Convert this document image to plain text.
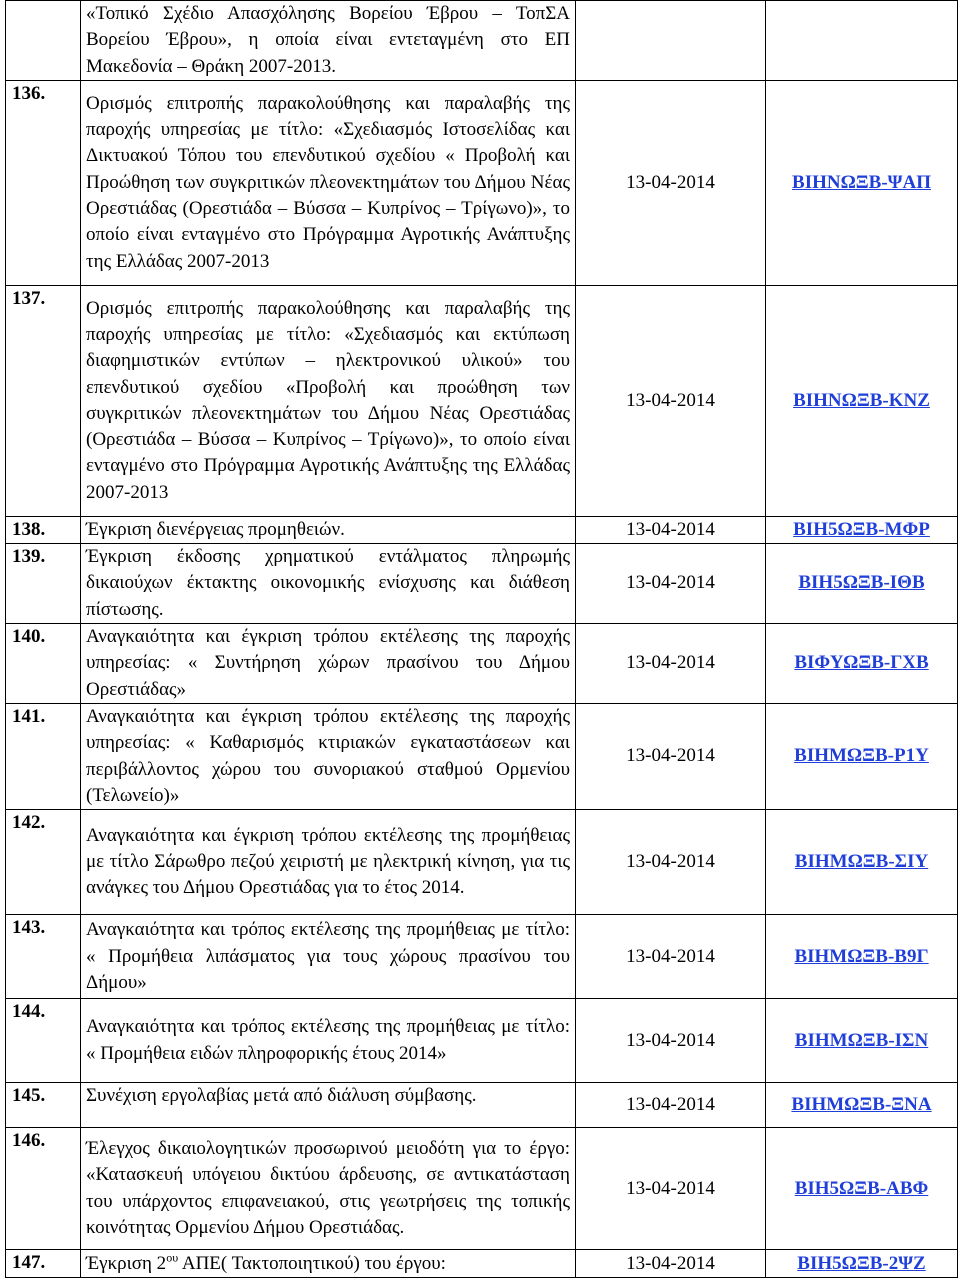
	«Τοπικό Σχέδιο Απασχόλησης Βορείου Έβρου – ΤοπΣΑ Βορείου Έβρου», η οποία είναι εντεταγμένη στο ΕΠ Μακεδονία – Θράκη 2007-2013.		

136.	Ορισμός επιτροπής παρακολούθησης και παραλαβής της παροχής υπηρεσίας με τίτλο: «Σχεδιασμός Ιστοσελίδας και Δικτυακού Τόπου του επενδυτικού σχεδίου « Προβολή και Προώθηση των συγκριτικών πλεονεκτημάτων του Δήμου Νέας Ορεστιάδας (Ορεστιάδα – Βύσσα – Κυπρίνος – Τρίγωνο)», το οποίο είναι ενταγμένο στο Πρόγραμμα Αγροτικής Ανάπτυξης της Ελλάδας 2007-2013	13-04-2014	ΒΙΗΝΩΞΒ-ΨΑΠ
137.	Ορισμός επιτροπής παρακολούθησης και παραλαβής της παροχής υπηρεσίας με τίτλο: «Σχεδιασμός και εκτύπωση διαφημιστικών εντύπων – ηλεκτρονικού υλικού» του επενδυτικού σχεδίου «Προβολή και προώθηση των συγκριτικών πλεονεκτημάτων του Δήμου Νέας Ορεστιάδας (Ορεστιάδα – Βύσσα – Κυπρίνος – Τρίγωνο)», το οποίο είναι ενταγμένο στο Πρόγραμμα Αγροτικής Ανάπτυξης της Ελλάδας 2007-2013	13-04-2014	ΒΙΗΝΩΞΒ-ΚΝΖ
138.	Έγκριση διενέργειας προμηθειών.	13-04-2014	ΒΙΗ5ΩΞΒ-ΜΦΡ
139.	Έγκριση έκδοσης χρηματικού εντάλματος πληρωμής δικαιούχων έκτακτης οικονομικής ενίσχυσης και διάθεση πίστωσης.	13-04-2014	ΒΙΗ5ΩΞΒ-ΙΘΒ
140.	Αναγκαιότητα και έγκριση τρόπου εκτέλεσης της παροχής υπηρεσίας: « Συντήρηση χώρων πρασίνου του Δήμου Ορεστιάδας»	13-04-2014	ΒΙΦΥΩΞΒ-ΓΧΒ
141.	Αναγκαιότητα και έγκριση τρόπου εκτέλεσης της παροχής υπηρεσίας: « Καθαρισμός κτιριακών εγκαταστάσεων και περιβάλλοντος χώρου του συνοριακού σταθμού Ορμενίου (Τελωνείο)»	13-04-2014	ΒΙΗΜΩΞΒ-Ρ1Υ
142.	Αναγκαιότητα και έγκριση τρόπου εκτέλεσης της προμήθειας με τίτλο Σάρωθρο πεζού χειριστή με ηλεκτρική κίνηση, για τις ανάγκες του Δήμου Ορεστιάδας για το έτος 2014.	13-04-2014	ΒΙΗΜΩΞΒ-ΣΙΥ
143.	Αναγκαιότητα και τρόπος εκτέλεσης της προμήθειας με τίτλο: « Προμήθεια λιπάσματος για τους χώρους πρασίνου του Δήμου»	13-04-2014	ΒΙΗΜΩΞΒ-Β9Γ
144.	Αναγκαιότητα και τρόπος εκτέλεσης της προμήθειας με τίτλο: « Προμήθεια ειδών πληροφορικής έτους 2014»	13-04-2014	ΒΙΗΜΩΞΒ-ΙΣΝ
145.	Συνέχιση εργολαβίας μετά από διάλυση σύμβασης.	13-04-2014	ΒΙΗΜΩΞΒ-ΞΝΑ
146.	Έλεγχος δικαιολογητικών προσωρινού μειοδότη για το έργο: «Κατασκευή υπόγειου δικτύου άρδευσης, σε αντικατάσταση του υπάρχοντος επιφανειακού, στις γεωτρήσεις της τοπικής κοινότητας Ορμενίου Δήμου Ορεστιάδας.	13-04-2014	ΒΙΗ5ΩΞΒ-ΑΒΦ
147.	Έγκριση $2^{o\upsilon}$ ΑΠΕ( Τακτοποιητικού) του έργου:	13-04-2014	ΒΙΗ5ΩΞΒ-2ΨΖ
